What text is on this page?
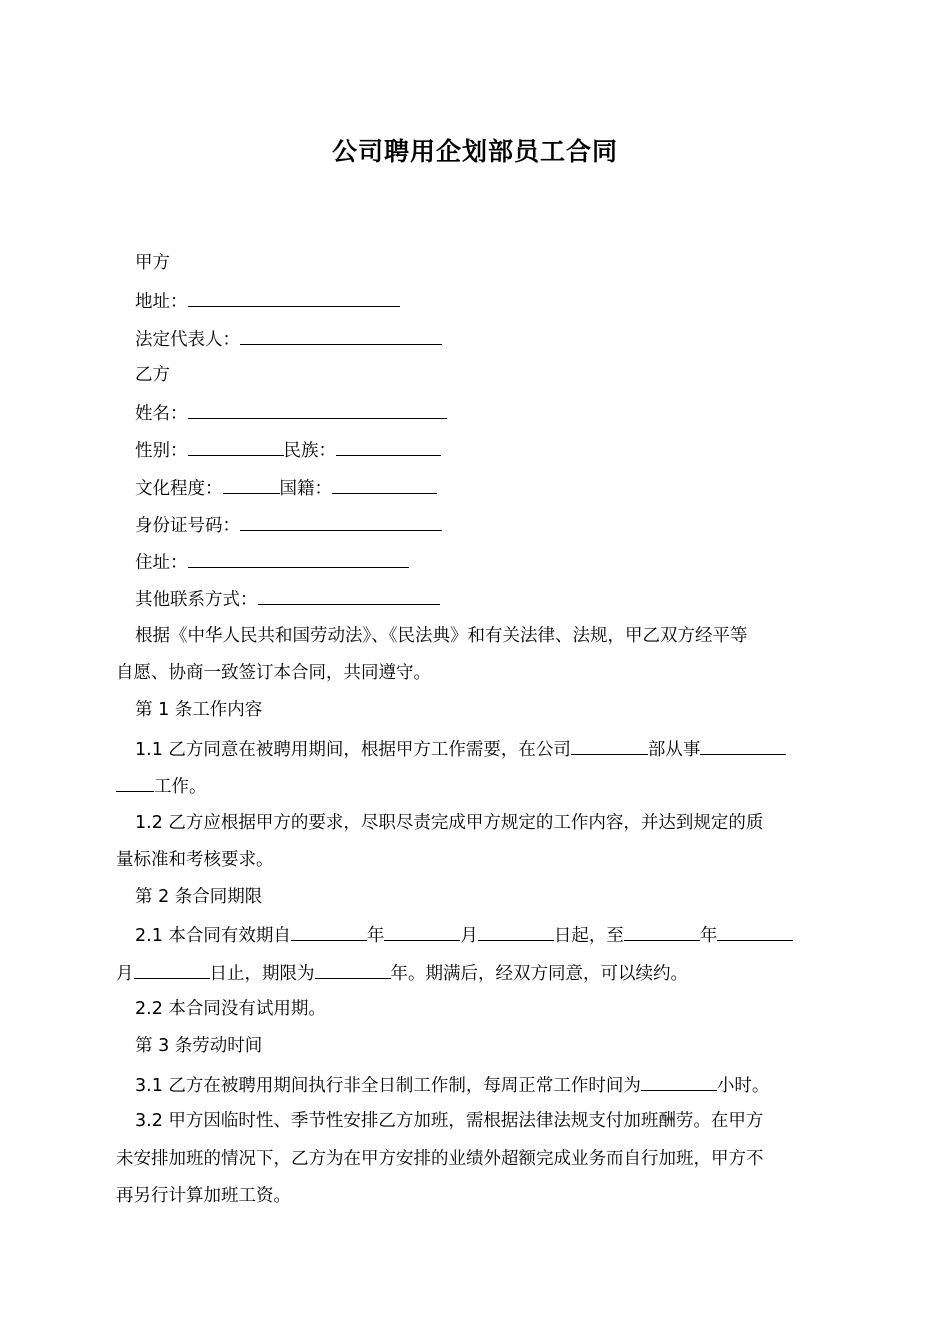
公司聘用企划部员工合同
甲方
地址：
法定代表人：
乙方
姓名：
性别：	民族：
文化程度：	国籍：
身份证号码：
住址：
其他联系方式：
根据《中华人民共和国劳动法》、《民法典》和有关法律、法规，甲乙双方经平等
自愿、协商一致签订本合同，共同遵守。
第 1 条工作内容
1.1 乙方同意在被聘用期间，根据甲方工作需要，在公司	部从事
工作。
1.2 乙方应根据甲方的要求，尽职尽责完成甲方规定的工作内容，并达到规定的质
量标准和考核要求。
第 2 条合同期限
2.1 本合同有效期自	年	月	日起，至	年
月	日止，期限为	年。期满后，经双方同意，可以续约。
2.2 本合同没有试用期。
第 3 条劳动时间
3.1 乙方在被聘用期间执行非全日制工作制，每周正常工作时间为	小时。
3.2 甲方因临时性、季节性安排乙方加班，需根据法律法规支付加班酬劳。在甲方
未安排加班的情况下，乙方为在甲方安排的业绩外超额完成业务而自行加班，甲方不
再另行计算加班工资。
